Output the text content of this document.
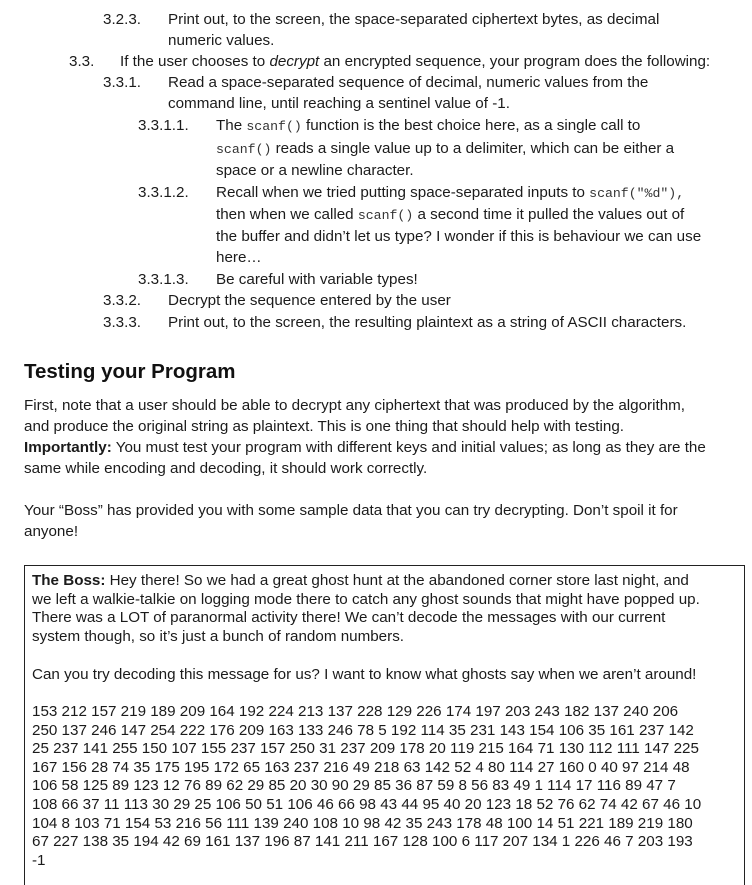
3.2.3. Print out, to the screen, the space-separated ciphertext bytes, as decimal
numeric values.
3.3. If the user chooses to decrypt an encrypted sequence, your program does the following:
3.3.1. Read a space-separated sequence of decimal, numeric values from the
command line, until reaching a sentinel value of -1.
3.3.1.1. The scanf() function is the best choice here, as a single call to
scanf() reads a single value up to a delimiter, which can be either a
space or a newline character.
3.3.1.2. Recall when we tried putting space-separated inputs to scanf("%d"),
then when we called scanf() a second time it pulled the values out of
the buffer and didn’t let us type? I wonder if this is behaviour we can use
here…
3.3.1.3. Be careful with variable types!
3.3.2. Decrypt the sequence entered by the user
3.3.3. Print out, to the screen, the resulting plaintext as a string of ASCII characters.
Testing your Program
First, note that a user should be able to decrypt any ciphertext that was produced by the algorithm,
and produce the original string as plaintext. This is one thing that should help with testing.
Importantly: You must test your program with different keys and initial values; as long as they are the
same while encoding and decoding, it should work correctly.
Your “Boss” has provided you with some sample data that you can try decrypting. Don’t spoil it for
anyone!
The Boss: Hey there! So we had a great ghost hunt at the abandoned corner store last night, and
we left a walkie-talkie on logging mode there to catch any ghost sounds that might have popped up.
There was a LOT of paranormal activity there! We can’t decode the messages with our current
system though, so it’s just a bunch of random numbers.
Can you try decoding this message for us? I want to know what ghosts say when we aren’t around!
153 212 157 219 189 209 164 192 224 213 137 228 129 226 174 197 203 243 182 137 240 206
250 137 246 147 254 222 176 209 163 133 246 78 5 192 114 35 231 143 154 106 35 161 237 142
25 237 141 255 150 107 155 237 157 250 31 237 209 178 20 119 215 164 71 130 112 111 147 225
167 156 28 74 35 175 195 172 65 163 237 216 49 218 63 142 52 4 80 114 27 160 0 40 97 214 48
106 58 125 89 123 12 76 89 62 29 85 20 30 90 29 85 36 87 59 8 56 83 49 1 114 17 116 89 47 7
108 66 37 11 113 30 29 25 106 50 51 106 46 66 98 43 44 95 40 20 123 18 52 76 62 74 42 67 46 10
104 8 103 71 154 53 216 56 111 139 240 108 10 98 42 35 243 178 48 100 14 51 221 189 219 180
67 227 138 35 194 42 69 161 137 196 87 141 211 167 128 100 6 117 207 134 1 226 46 7 203 193
-1
